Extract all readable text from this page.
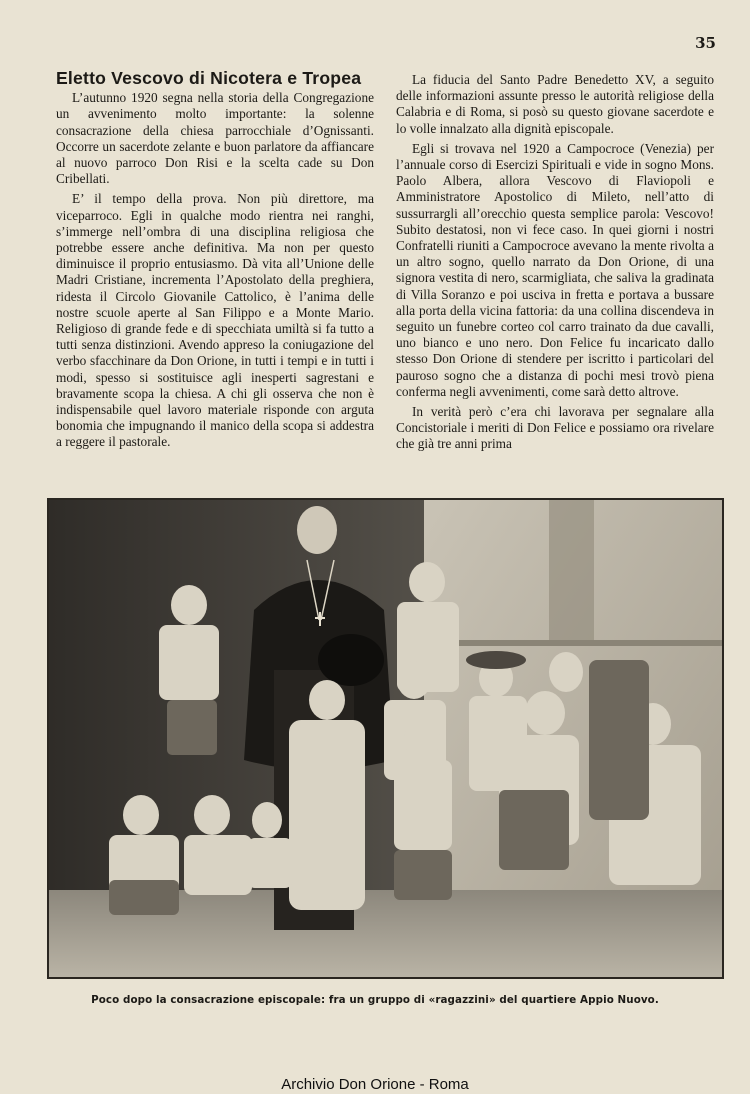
35
Eletto Vescovo di Nicotera e Tropea

L’autunno 1920 segna nella storia della Congregazione un avvenimento molto importante: la solenne consacrazione della chiesa parrocchiale d’Ognissanti. Occorre un sacerdote zelante e buon parlatore da affiancare al nuovo parroco Don Risi e la scelta cade su Don Cribellati.

E’ il tempo della prova. Non più direttore, ma viceparroco. Egli in qualche modo rientra nei ranghi, s’immerge nell’ombra di una disciplina religiosa che potrebbe essere anche definitiva. Ma non per questo diminuisce il proprio entusiasmo. Dà vita all’Unione delle Madri Cristiane, incrementa l’Apostolato della preghiera, ridesta il Circolo Giovanile Cattolico, è l’anima delle nostre scuole aperte al San Filippo e a Monte Mario. Religioso di grande fede e di specchiata umiltà si fa tutto a tutti senza distinzioni. Avendo appreso la coniugazione del verbo sfacchinare da Don Orione, in tutti i tempi e in tutti i modi, spesso si sostituisce agli inesperti sagrestani e bravamente scopa la chiesa. A chi gli osserva che non è indispensabile quel lavoro materiale risponde con arguta bonomia che impugnando il manico della scopa si addestra a reggere il pastorale.

La fiducia del Santo Padre Benedetto XV, a seguito delle informazioni assunte presso le autorità religiose della Calabria e di Roma, si posò su questo giovane sacerdote e lo volle innalzato alla dignità episcopale.

Egli si trovava nel 1920 a Campocroce (Venezia) per l’annuale corso di Esercizi Spirituali e vide in sogno Mons. Paolo Albera, allora Vescovo di Flaviopoli e Amministratore Apostolico di Mileto, nell’atto di sussurrargli all’orecchio questa semplice parola: Vescovo! Subito destatosi, non vi fece caso. In quei giorni i nostri Confratelli riuniti a Campocroce avevano la mente rivolta a un altro sogno, quello narrato da Don Orione, di una signora vestita di nero, scarmigliata, che saliva la gradinata di Villa Soranzo e poi usciva in fretta e portava a bussare alla porta della vicina fattoria: da una collina discendeva in seguito un funebre corteo col carro trainato da due cavalli, uno bianco e uno nero. Don Felice fu incaricato dallo stesso Don Orione di stendere per iscritto i particolari del pauroso sogno che a distanza di pochi mesi trovò piena conferma negli avvenimenti, come sarà detto altrove.

In verità però c’era chi lavorava per segnalare alla Concistoriale i meriti di Don Felice e possiamo ora rivelare che già tre anni prima

Poco dopo la consacrazione episcopale: fra un gruppo di «ragazzini» del quartiere Appio Nuovo.
Archivio Don Orione - Roma
